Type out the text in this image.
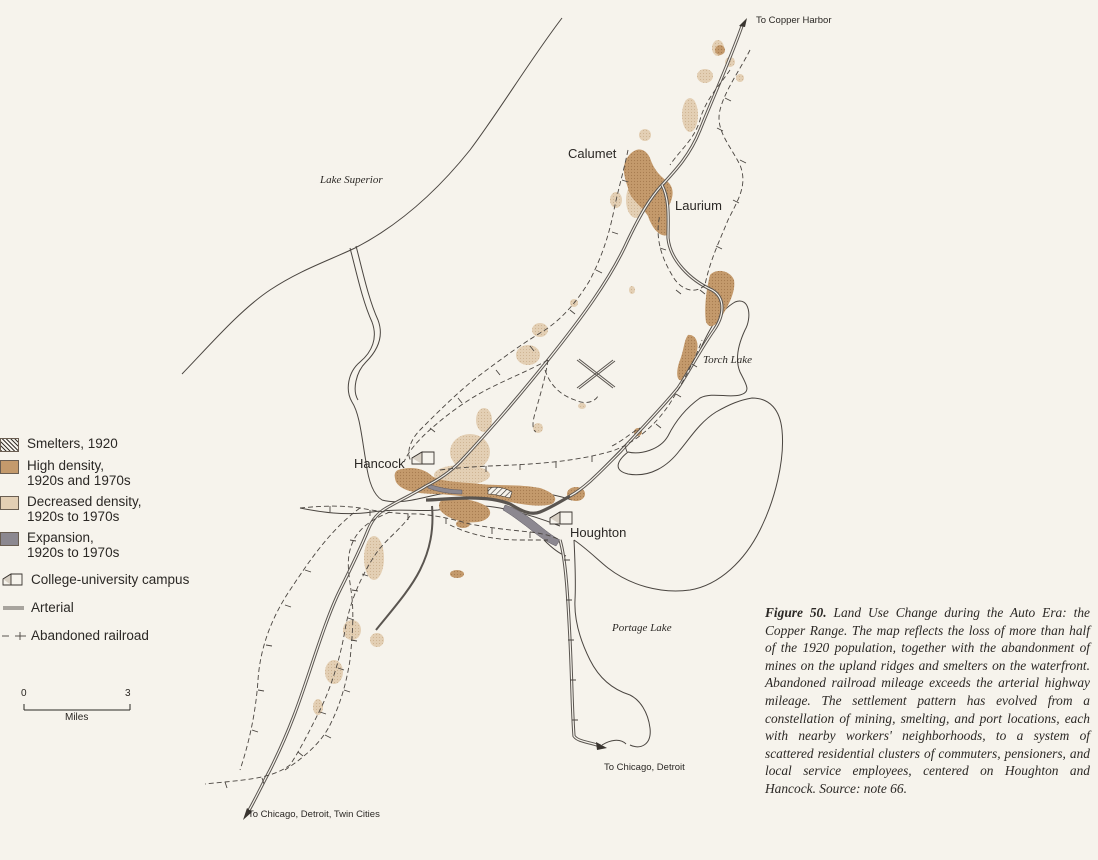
To Copper Harbor
Lake Superior
Calumet
Laurium
Torch Lake
Hancock
Houghton
Portage Lake
To Chicago, Detroit
To Chicago, Detroit, Twin Cities
Smelters, 1920
High density,
1920s and 1970s
Decreased density,
1920s to 1970s
Expansion,
1920s to 1970s
College-university campus
Arterial
Abandoned railroad
0	3
Miles
Figure 50. Land Use Change during the Auto Era: the Copper Range. The map reflects the loss of more than half of the 1920 population, together with the abandonment of mines on the upland ridges and smelters on the waterfront. Abandoned railroad mileage exceeds the arterial highway mileage. The settlement pattern has evolved from a constellation of mining, smelting, and port locations, each with nearby workers' neighborhoods, to a system of scattered residential clusters of commuters, pensioners, and local service employees, centered on Houghton and Hancock. Source: note 66.
